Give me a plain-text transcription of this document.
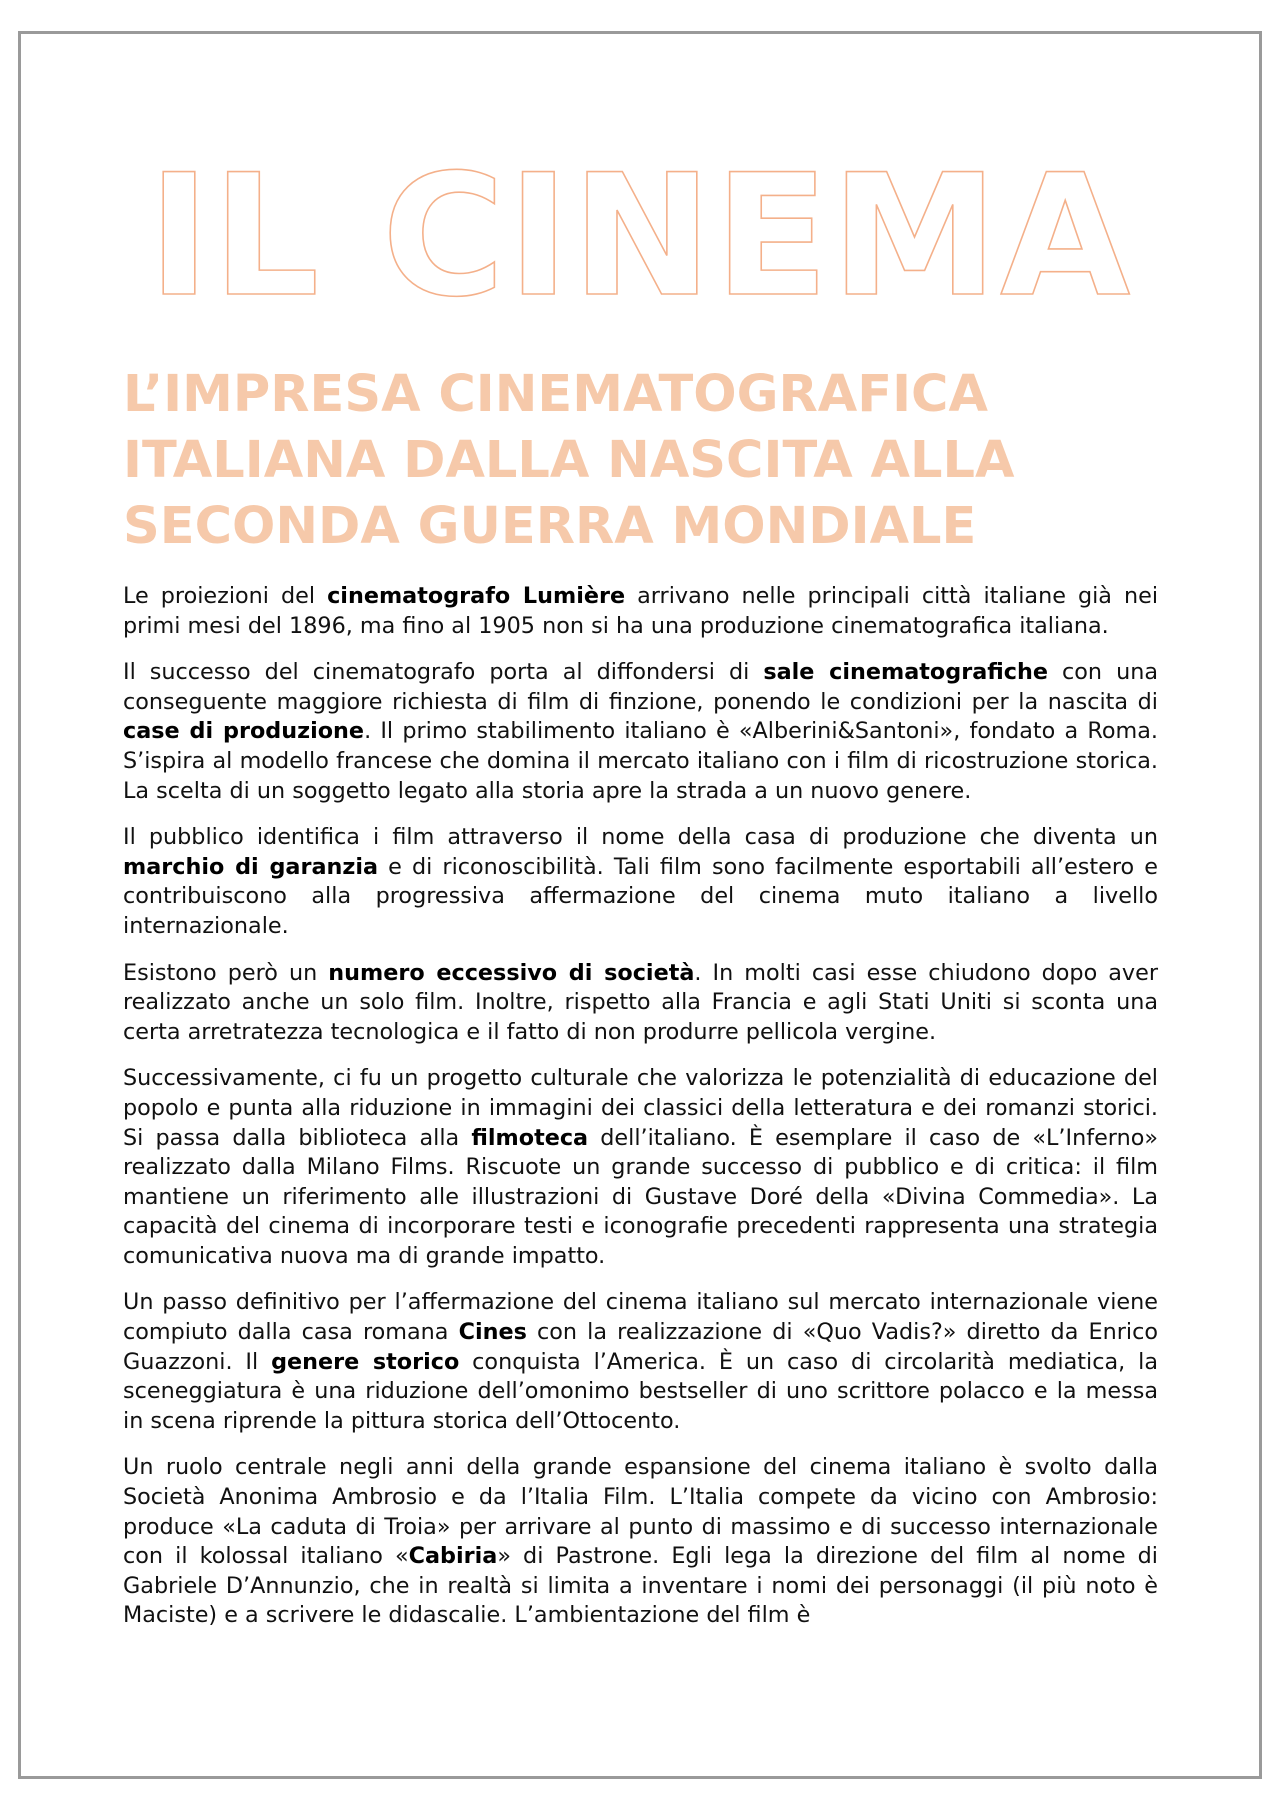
IL CINEMA
L’IMPRESA CINEMATOGRAFICA ITALIANA DALLA NASCITA ALLA SECONDA GUERRA MONDIALE

Le proiezioni del cinematografo Lumière arrivano nelle principali città italiane già nei primi mesi del 1896, ma fino al 1905 non si ha una produzione cinematografica italiana.

Il successo del cinematografo porta al diffondersi di sale cinematografiche con una conseguente maggiore richiesta di film di finzione, ponendo le condizioni per la nascita di case di produzione. Il primo stabilimento italiano è «Alberini&Santoni», fondato a Roma. S’ispira al modello francese che domina il mercato italiano con i film di ricostruzione storica. La scelta di un soggetto legato alla storia apre la strada a un nuovo genere.

Il pubblico identifica i film attraverso il nome della casa di produzione che diventa un marchio di garanzia e di riconoscibilità. Tali film sono facilmente esportabili all’estero e contribuiscono alla progressiva affermazione del cinema muto italiano a livello internazionale.

Esistono però un numero eccessivo di società. In molti casi esse chiudono dopo aver realizzato anche un solo film. Inoltre, rispetto alla Francia e agli Stati Uniti si sconta una certa arretratezza tecnologica e il fatto di non produrre pellicola vergine.

Successivamente, ci fu un progetto culturale che valorizza le potenzialità di educazione del popolo e punta alla riduzione in immagini dei classici della letteratura e dei romanzi storici. Si passa dalla biblioteca alla filmoteca dell’italiano. È esemplare il caso de «L’Inferno» realizzato dalla Milano Films. Riscuote un grande successo di pubblico e di critica: il film mantiene un riferimento alle illustrazioni di Gustave Doré della «Divina Commedia». La capacità del cinema di incorporare testi e iconografie precedenti rappresenta una strategia comunicativa nuova ma di grande impatto.

Un passo definitivo per l’affermazione del cinema italiano sul mercato internazionale viene compiuto dalla casa romana Cines con la realizzazione di «Quo Vadis?» diretto da Enrico Guazzoni. Il genere storico conquista l’America. È un caso di circolarità mediatica, la sceneggiatura è una riduzione dell’omonimo bestseller di uno scrittore polacco e la messa in scena riprende la pittura storica dell’Ottocento.

Un ruolo centrale negli anni della grande espansione del cinema italiano è svolto dalla Società Anonima Ambrosio e da l’Italia Film. L’Italia compete da vicino con Ambrosio: produce «La caduta di Troia» per arrivare al punto di massimo e di successo internazionale con il kolossal italiano «Cabiria» di Pastrone. Egli lega la direzione del film al nome di Gabriele D’Annunzio, che in realtà si limita a inventare i nomi dei personaggi (il più noto è Maciste) e a scrivere le didascalie. L’ambientazione del film è
